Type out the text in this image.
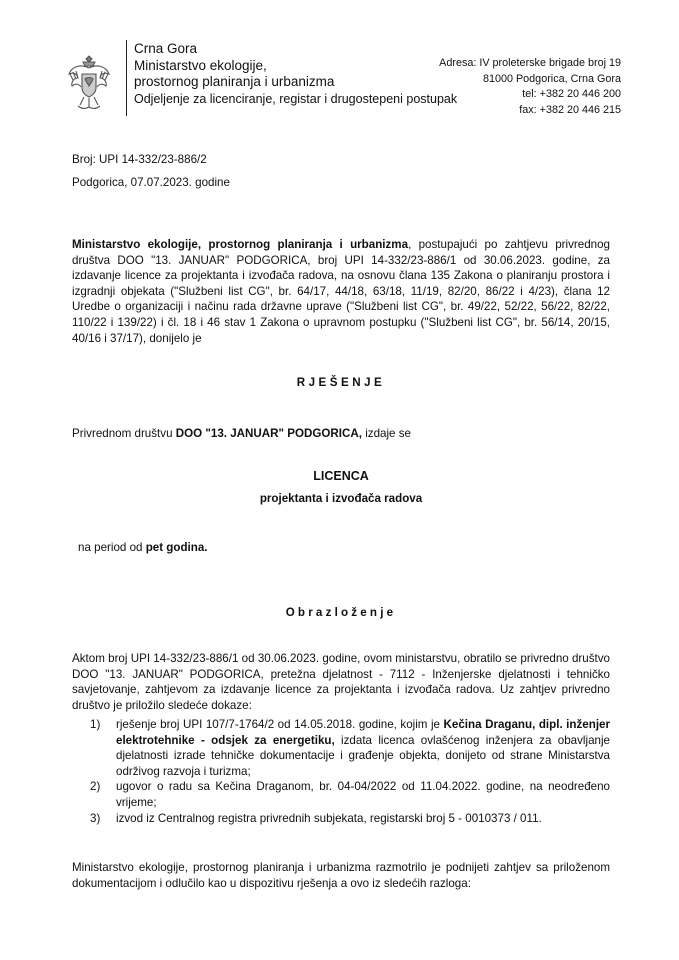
Crna Gora
Ministarstvo ekologije,
prostornog planiranja i urbanizma
Odjeljenje za licenciranje, registar i drugostepeni postupak
Adresa: IV proleterske brigade broj 19
81000 Podgorica, Crna Gora
tel: +382 20 446 200
fax: +382 20 446 215
Broj: UPI 14-332/23-886/2
Podgorica, 07.07.2023. godine
Ministarstvo ekologije, prostornog planiranja i urbanizma, postupajući po zahtjevu privrednog društva DOO "13. JANUAR" PODGORICA, broj UPI 14-332/23-886/1 od 30.06.2023. godine, za izdavanje licence za projektanta i izvođača radova, na osnovu člana 135 Zakona o planiranju prostora i izgradnji objekata ("Službeni list CG", br. 64/17, 44/18, 63/18, 11/19, 82/20, 86/22 i 4/23), člana 12 Uredbe o organizaciji i načinu rada državne uprave ("Službeni list CG", br. 49/22, 52/22, 56/22, 82/22, 110/22 i 139/22) i čl. 18 i 46 stav 1 Zakona o upravnom postupku ("Službeni list CG", br. 56/14, 20/15, 40/16 i 37/17), donijelo je
RJEŠENJE
Privrednom društvu DOO "13. JANUAR" PODGORICA, izdaje se
LICENCA
projektanta i izvođača radova
na period od pet godina.
Obrazloženje
Aktom broj UPI 14-332/23-886/1 od 30.06.2023. godine, ovom ministarstvu, obratilo se privredno društvo DOO "13. JANUAR" PODGORICA, pretežna djelatnost - 7112 - Inženjerske djelatnosti i tehničko savjetovanje, zahtjevom za izdavanje licence za projektanta i izvođača radova. Uz zahtjev privredno društvo je priložilo sledeće dokaze:
1) rješenje broj UPI 107/7-1764/2 od 14.05.2018. godine, kojim je Kečina Draganu, dipl. inženjer elektrotehnike - odsjek za energetiku, izdata licenca ovlašćenog inženjera za obavljanje djelatnosti izrade tehničke dokumentacije i građenje objekta, donijeto od strane Ministarstva održivog razvoja i turizma;
2) ugovor o radu sa Kečina Draganom, br. 04-04/2022 od 11.04.2022. godine, na neodređeno vrijeme;
3) izvod iz Centralnog registra privrednih subjekata, registarski broj 5 - 0010373 / 011.
Ministarstvo ekologije, prostornog planiranja i urbanizma razmotrilo je podnijeti zahtjev sa priloženom dokumentacijom i odlučilo kao u dispozitivu rješenja a ovo iz sledećih razloga:
